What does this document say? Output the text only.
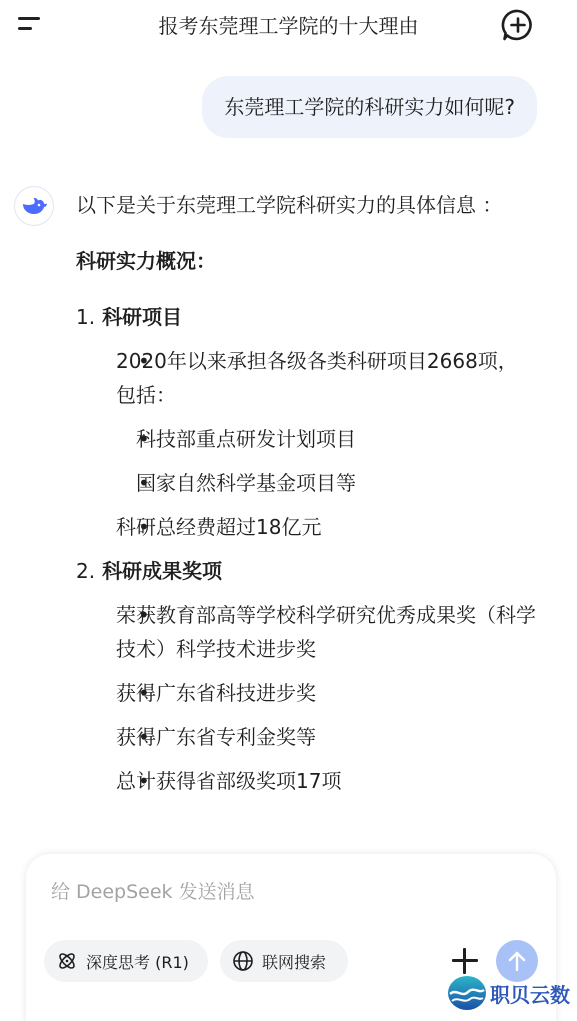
报考东莞理工学院的十大理由
东莞理工学院的科研实力如何呢?
以下是关于东莞理工学院科研实力的具体信息 ：
科研实力概况：
1. 科研项目
• 2020年以来承担各级各类科研项目2668项，包括：
• 科技部重点研发计划项目
• 国家自然科学基金项目等
• 科研总经费超过18亿元
2. 科研成果奖项
• 荣获教育部高等学校科学研究优秀成果奖（科学技术）科学技术进步奖
• 获得广东省科技进步奖
• 获得广东省专利金奖等
• 总计获得省部级奖项17项
给 DeepSeek 发送消息
深度思考 (R1)	联网搜索
职贝云数
